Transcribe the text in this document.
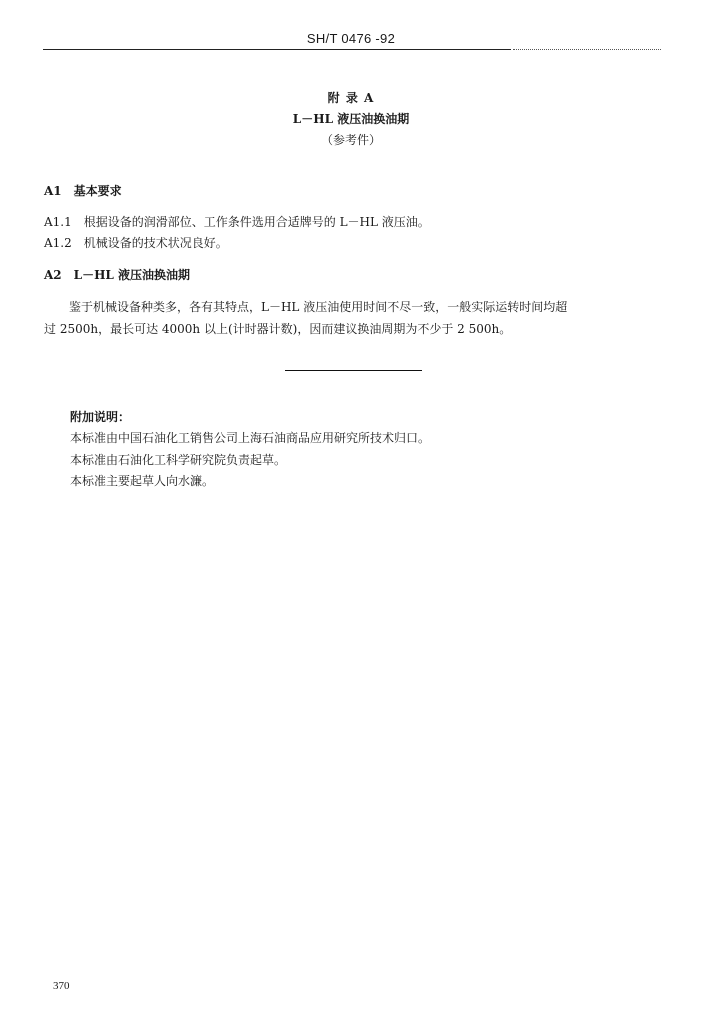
SH/T 0476 -92
附 录 A
L－HL 液压油换油期
（参考件）
A1　基本要求
A1.1　根据设备的润滑部位、工作条件选用合适牌号的 L－HL 液压油。
A1.2　机械设备的技术状况良好。
A2　L－HL 液压油换油期
鉴于机械设备种类多，各有其特点，L－HL 液压油使用时间不尽一致，一般实际运转时间均超
过 2500h，最长可达 4000h 以上(计时器计数)，因而建议换油周期为不少于 2 500h。
附加说明：
本标准由中国石油化工销售公司上海石油商品应用研究所技术归口。
本标准由石油化工科学研究院负责起草。
本标准主要起草人向水濂。
370
